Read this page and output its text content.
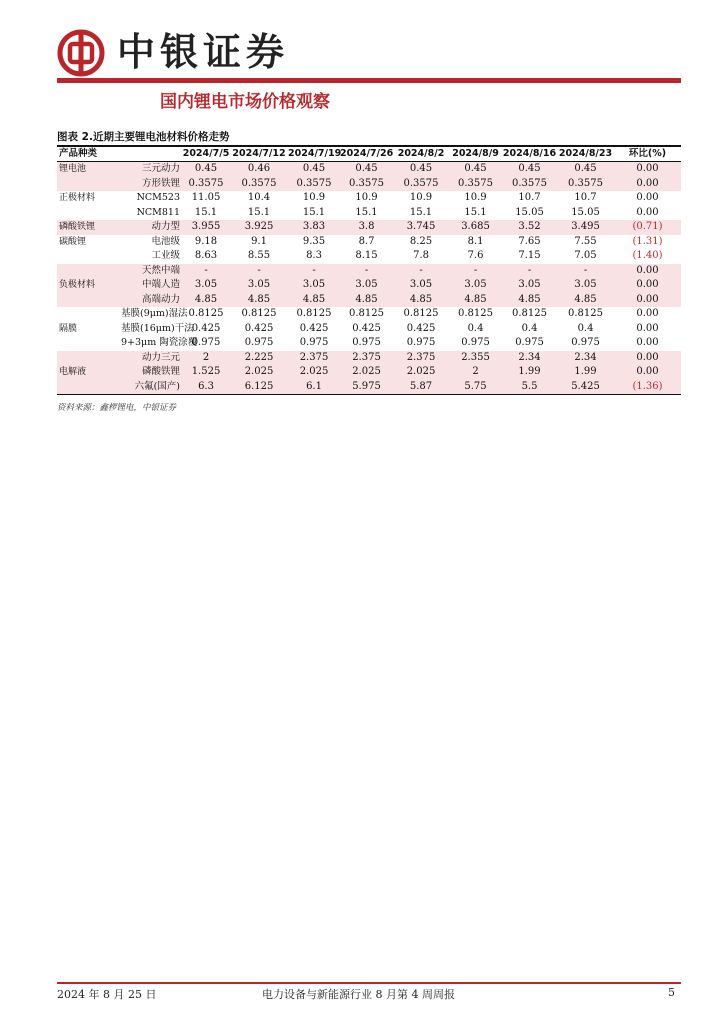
中银证券
国内锂电市场价格观察
图表 2.近期主要锂电池材料价格走势
产品种类		2024/7/5	2024/7/12	2024/7/19	2024/7/26	2024/8/2	2024/8/9	2024/8/16	2024/8/23	环比(%)
锂电池	三元动力	0.45	0.46	0.45	0.45	0.45	0.45	0.45	0.45	0.00
	方形铁锂	0.3575	0.3575	0.3575	0.3575	0.3575	0.3575	0.3575	0.3575	0.00
正极材料	NCM523	11.05	10.4	10.9	10.9	10.9	10.9	10.7	10.7	0.00
	NCM811	15.1	15.1	15.1	15.1	15.1	15.1	15.05	15.05	0.00
磷酸铁锂	动力型	3.955	3.925	3.83	3.8	3.745	3.685	3.52	3.495	(0.71)
碳酸锂	电池级	9.18	9.1	9.35	8.7	8.25	8.1	7.65	7.55	(1.31)
	工业级	8.63	8.55	8.3	8.15	7.8	7.6	7.15	7.05	(1.40)
	天然中端	-	-	-	-	-	-	-	-	0.00
负极材料	中端人造	3.05	3.05	3.05	3.05	3.05	3.05	3.05	3.05	0.00
	高端动力	4.85	4.85	4.85	4.85	4.85	4.85	4.85	4.85	0.00
	基膜(9μm)湿法	0.8125	0.8125	0.8125	0.8125	0.8125	0.8125	0.8125	0.8125	0.00
隔膜	基膜(16μm)干法	0.425	0.425	0.425	0.425	0.425	0.4	0.4	0.4	0.00
	9+3μm 陶瓷涂覆	0.975	0.975	0.975	0.975	0.975	0.975	0.975	0.975	0.00
	动力三元	2	2.225	2.375	2.375	2.375	2.355	2.34	2.34	0.00
电解液	磷酸铁锂	1.525	2.025	2.025	2.025	2.025	2	1.99	1.99	0.00
	六氟(国产)	6.3	6.125	6.1	5.975	5.87	5.75	5.5	5.425	(1.36)
资料来源：鑫椤锂电，中银证券
2024 年 8 月 25 日	电力设备与新能源行业 8 月第 4 周周报	5
